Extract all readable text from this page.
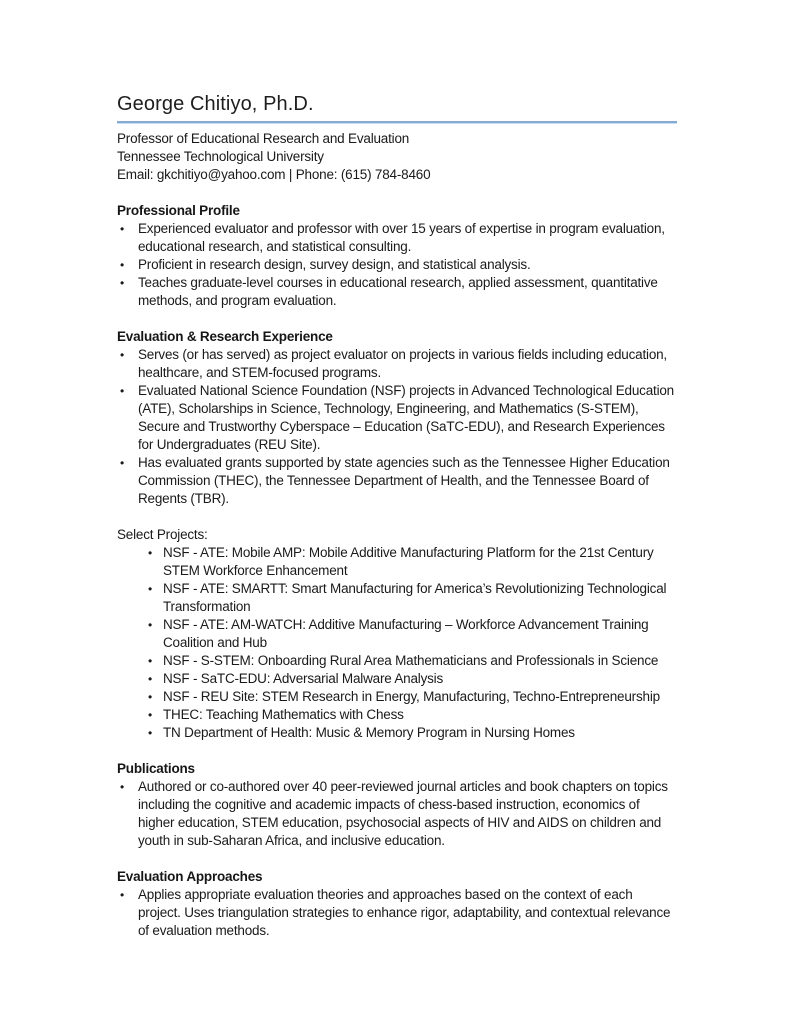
George Chitiyo, Ph.D.
Professor of Educational Research and Evaluation
Tennessee Technological University
Email: gkchitiyo@yahoo.com | Phone: (615) 784-8460
Professional Profile
•	Experienced evaluator and professor with over 15 years of expertise in program evaluation, educational research, and statistical consulting.
•	Proficient in research design, survey design, and statistical analysis.
•	Teaches graduate-level courses in educational research, applied assessment, quantitative methods, and program evaluation.
Evaluation & Research Experience
•	Serves (or has served) as project evaluator on projects in various fields including education, healthcare, and STEM-focused programs.
•	Evaluated National Science Foundation (NSF) projects in Advanced Technological Education (ATE), Scholarships in Science, Technology, Engineering, and Mathematics (S-STEM), Secure and Trustworthy Cyberspace – Education (SaTC-EDU), and Research Experiences for Undergraduates (REU Site).
•	Has evaluated grants supported by state agencies such as the Tennessee Higher Education Commission (THEC), the Tennessee Department of Health, and the Tennessee Board of Regents (TBR).
Select Projects:
• NSF - ATE: Mobile AMP: Mobile Additive Manufacturing Platform for the 21st Century STEM Workforce Enhancement
• NSF - ATE: SMARTT: Smart Manufacturing for America’s Revolutionizing Technological Transformation
• NSF - ATE: AM-WATCH: Additive Manufacturing – Workforce Advancement Training Coalition and Hub
• NSF - S-STEM: Onboarding Rural Area Mathematicians and Professionals in Science
• NSF - SaTC-EDU: Adversarial Malware Analysis
• NSF - REU Site: STEM Research in Energy, Manufacturing, Techno-Entrepreneurship
• THEC: Teaching Mathematics with Chess
• TN Department of Health: Music & Memory Program in Nursing Homes
Publications
•	Authored or co-authored over 40 peer-reviewed journal articles and book chapters on topics including the cognitive and academic impacts of chess-based instruction, economics of higher education, STEM education, psychosocial aspects of HIV and AIDS on children and youth in sub-Saharan Africa, and inclusive education.
Evaluation Approaches
•	Applies appropriate evaluation theories and approaches based on the context of each project. Uses triangulation strategies to enhance rigor, adaptability, and contextual relevance of evaluation methods.
